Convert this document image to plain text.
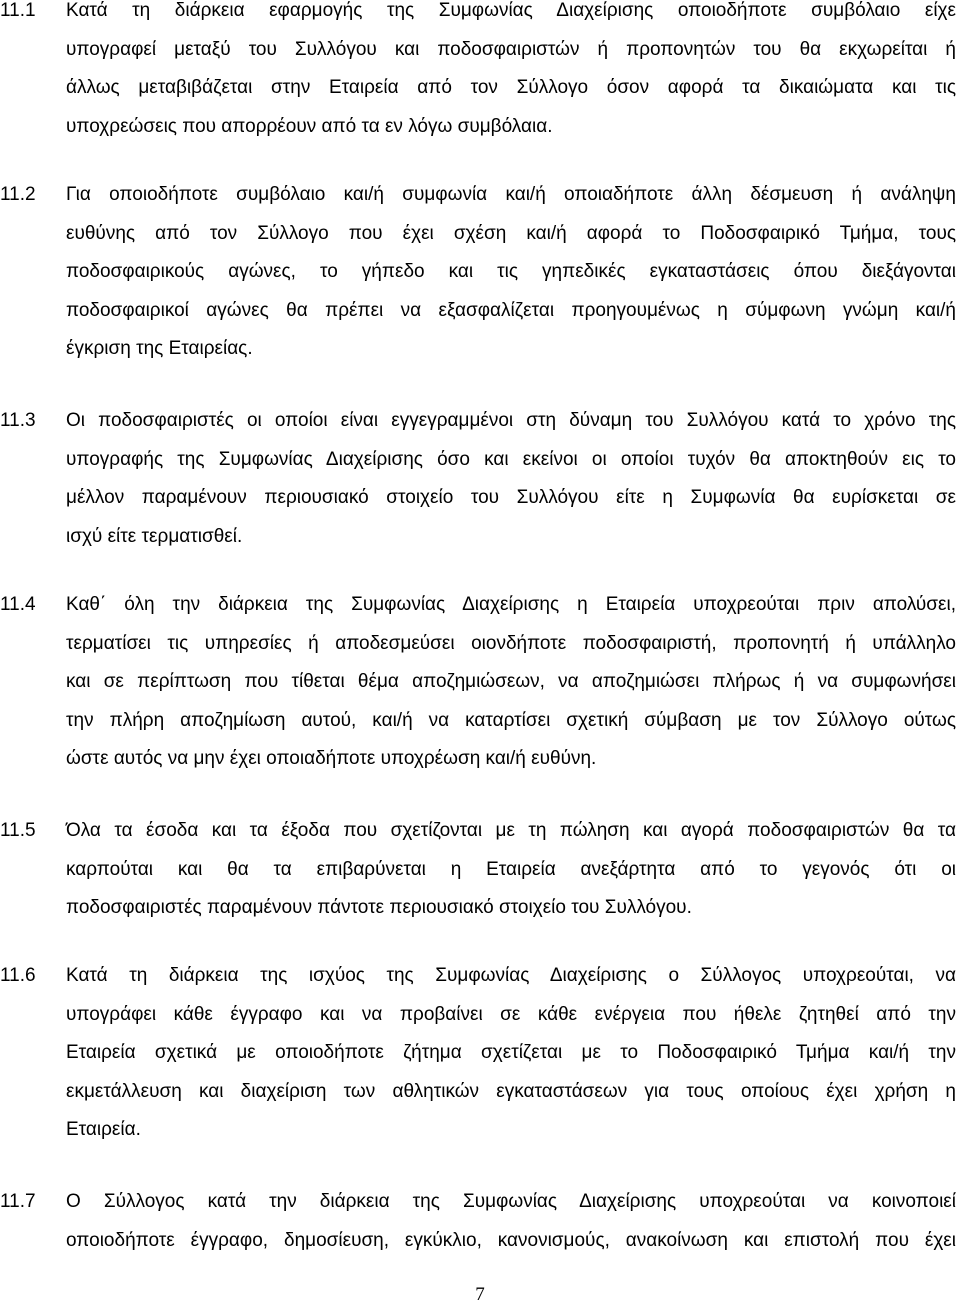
11.1 Κατά τη διάρκεια εφαρμογής της Συμφωνίας Διαχείρισης οποιοδήποτε συμβόλαιο είχε
υπογραφεί μεταξύ του Συλλόγου και ποδοσφαιριστών ή προπονητών του θα εκχωρείται ή
άλλως μεταβιβάζεται στην Εταιρεία από τον Σύλλογο όσον αφορά τα δικαιώματα και τις
υποχρεώσεις που απορρέουν από τα εν λόγω συμβόλαια.

11.2 Για οποιοδήποτε συμβόλαιο και/ή συμφωνία και/ή οποιαδήποτε άλλη δέσμευση ή ανάληψη
ευθύνης από τον Σύλλογο που έχει σχέση και/ή αφορά το Ποδοσφαιρικό Τμήμα, τους
ποδοσφαιρικούς αγώνες, το γήπεδο και τις γηπεδικές εγκαταστάσεις όπου διεξάγονται
ποδοσφαιρικοί αγώνες θα πρέπει να εξασφαλίζεται προηγουμένως η σύμφωνη γνώμη και/ή
έγκριση της Εταιρείας.

11.3 Οι ποδοσφαιριστές οι οποίοι είναι εγγεγραμμένοι στη δύναμη του Συλλόγου κατά το χρόνο της
υπογραφής της Συμφωνίας Διαχείρισης όσο και εκείνοι οι οποίοι τυχόν θα αποκτηθούν εις το
μέλλον παραμένουν περιουσιακό στοιχείο του Συλλόγου είτε η Συμφωνία θα ευρίσκεται σε
ισχύ είτε τερματισθεί.

11.4 Καθ΄ όλη την διάρκεια της Συμφωνίας Διαχείρισης η Εταιρεία υποχρεούται πριν απολύσει,
τερματίσει τις υπηρεσίες ή αποδεσμεύσει οιονδήποτε ποδοσφαιριστή, προπονητή ή υπάλληλο
και σε περίπτωση που τίθεται θέμα αποζημιώσεων, να αποζημιώσει πλήρως ή να συμφωνήσει
την πλήρη αποζημίωση αυτού, και/ή να καταρτίσει σχετική σύμβαση με τον Σύλλογο ούτως
ώστε αυτός να μην έχει οποιαδήποτε υποχρέωση και/ή ευθύνη.

11.5 Όλα τα έσοδα και τα έξοδα που σχετίζονται με τη πώληση και αγορά ποδοσφαιριστών θα τα
καρπούται και θα τα επιβαρύνεται η Εταιρεία ανεξάρτητα από το γεγονός ότι οι
ποδοσφαιριστές παραμένουν πάντοτε περιουσιακό στοιχείο του Συλλόγου.

11.6 Κατά τη διάρκεια της ισχύος της Συμφωνίας Διαχείρισης ο Σύλλογος υποχρεούται, να
υπογράφει κάθε έγγραφο και να προβαίνει σε κάθε ενέργεια που ήθελε ζητηθεί από την
Εταιρεία σχετικά με οποιοδήποτε ζήτημα σχετίζεται με το Ποδοσφαιρικό Τμήμα και/ή την
εκμετάλλευση και διαχείριση των αθλητικών εγκαταστάσεων για τους οποίους έχει χρήση η
Εταιρεία.

11.7 Ο Σύλλογος κατά την διάρκεια της Συμφωνίας Διαχείρισης υποχρεούται να κοινοποιεί
οποιοδήποτε έγγραφο, δημοσίευση, εγκύκλιο, κανονισμούς, ανακοίνωση και επιστολή που έχει

7
